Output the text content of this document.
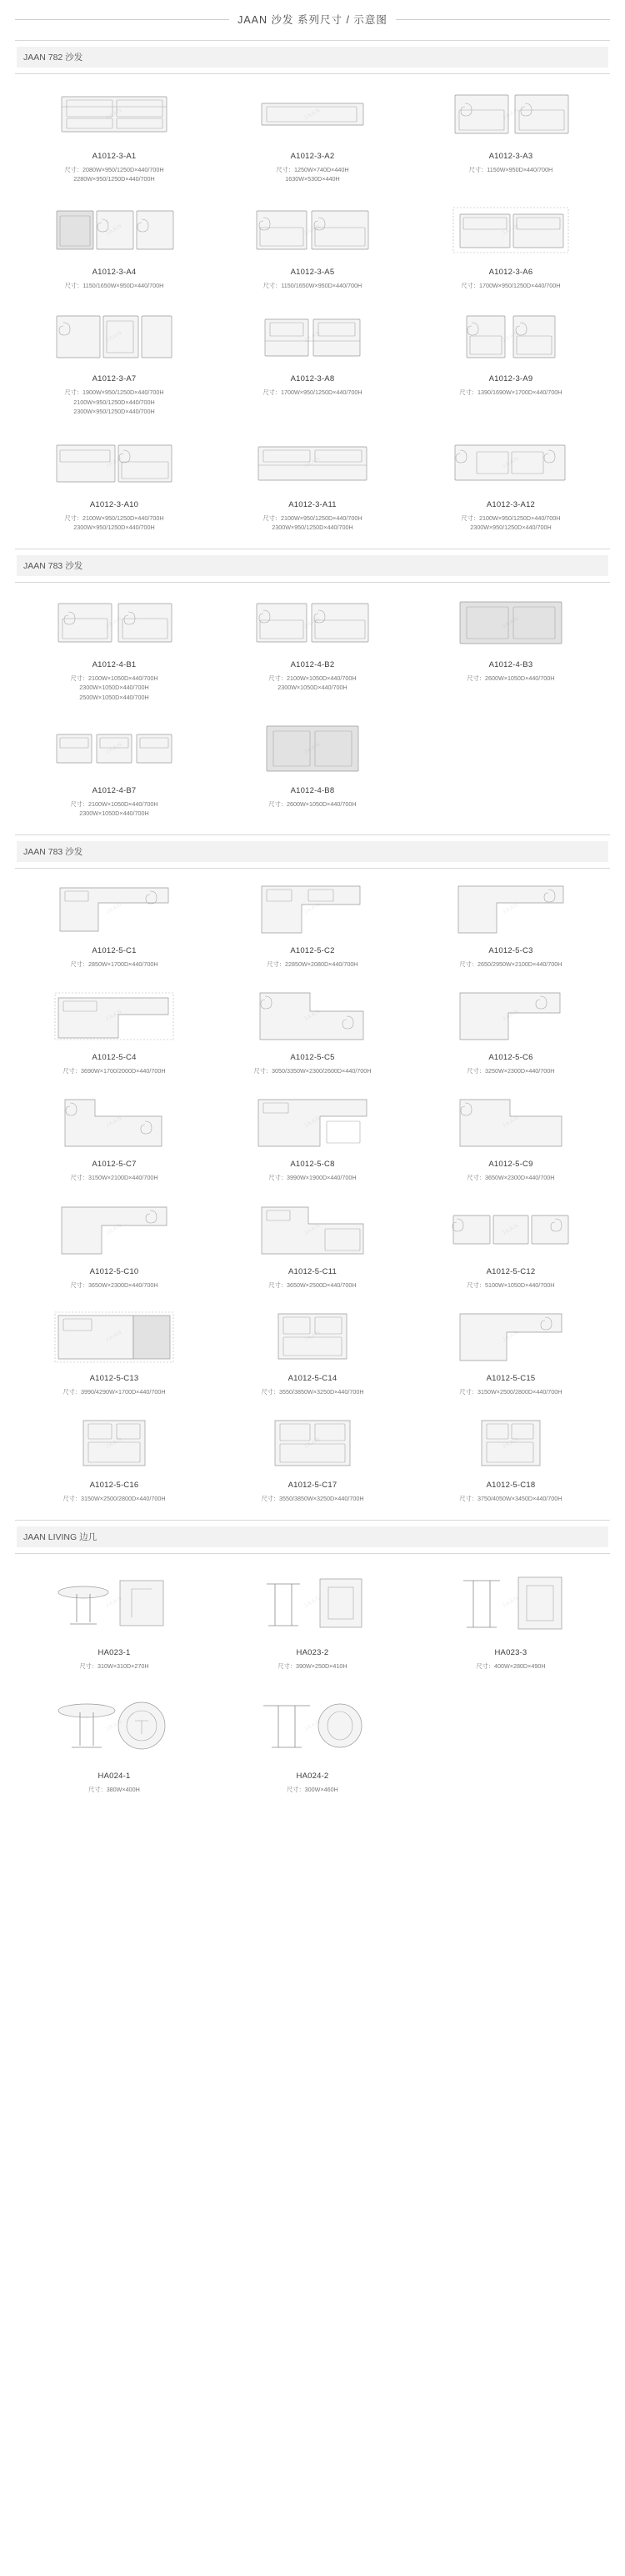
JAAN 沙发 系列尺寸 / 示意图
JAAN 782 沙发
A1012-3-A1
尺寸：2080W×950/1250D×440/700H
2280W×950/1250D×440/700H
A1012-3-A2
尺寸：1250W×740D×440H
1630W×530D×440H
JAAN
A1012-3-A3
尺寸：1150W×950D×440/700H
A1012-3-A4
尺寸：1150/1650W×950D×440/700H
A1012-3-A5
尺寸：1150/1650W×950D×440/700H
JAAN
A1012-3-A6
尺寸：1700W×950/1250D×440/700H
A1012-3-A7
尺寸：1900W×950/1250D×440/700H
2100W×950/1250D×440/700H
2300W×950/1250D×440/700H
JAAN
A1012-3-A8
尺寸：1700W×950/1250D×440/700H
JAAN
A1012-3-A9
尺寸：1390/1690W×1700D×440/700H
A1012-3-A10
尺寸：2100W×950/1250D×440/700H
2300W×950/1250D×440/700H
A1012-3-A11
尺寸：2100W×950/1250D×440/700H
2300W×950/1250D×440/700H
A1012-3-A12
尺寸：2100W×950/1250D×440/700H
2300W×950/1250D×440/700H
JAAN 783 沙发
JAAN
A1012-4-B1
尺寸：2100W×1050D×440/700H
2300W×1050D×440/700H
2500W×1050D×440/700H
A1012-4-B2
尺寸：2100W×1050D×440/700H
2300W×1050D×440/700H
A1012-4-B3
尺寸：2600W×1050D×440/700H
A1012-4-B7
尺寸：2100W×1050D×440/700H
2300W×1050D×440/700H
A1012-4-B8
尺寸：2600W×1050D×440/700H
JAAN 783 沙发
JAAN
A1012-5-C1
尺寸：2850W×1700D×440/700H
JAAN
A1012-5-C2
尺寸：22850W×2080D×440/700H
JAAN
A1012-5-C3
尺寸：2650/2950W×2100D×440/700H
A1012-5-C4
尺寸：3690W×1700/2000D×440/700H
A1012-5-C5
尺寸：3050/3350W×2300/2600D×440/700H
JAAN
A1012-5-C6
尺寸：3250W×2300D×440/700H
A1012-5-C7
尺寸：3150W×2100D×440/700H
A1012-5-C8
尺寸：3990W×1900D×440/700H
A1012-5-C9
尺寸：3650W×2300D×440/700H
JAAN
A1012-5-C10
尺寸：3650W×2300D×440/700H
A1012-5-C11
尺寸：3650W×2500D×440/700H
A1012-5-C12
尺寸：5100W×1050D×440/700H
A1012-5-C13
尺寸：3990/4290W×1700D×440/700H
A1012-5-C14
尺寸：3550/3850W×3250D×440/700H
JAAN
A1012-5-C15
尺寸：3150W×2500/2800D×440/700H
A1012-5-C16
尺寸：3150W×2500/2800D×440/700H
A1012-5-C17
尺寸：3550/3850W×3250D×440/700H
A1012-5-C18
尺寸：3750/4050W×3450D×440/700H
JAAN LIVING 边几
JAAN
HA023-1
尺寸：310W×310D×270H
JAAN
HA023-2
尺寸：390W×250D×410H
JAAN
HA023-3
尺寸：400W×280D×490H
JAAN
HA024-1
尺寸：380W×400H
JAAN
HA024-2
尺寸：300W×460H
